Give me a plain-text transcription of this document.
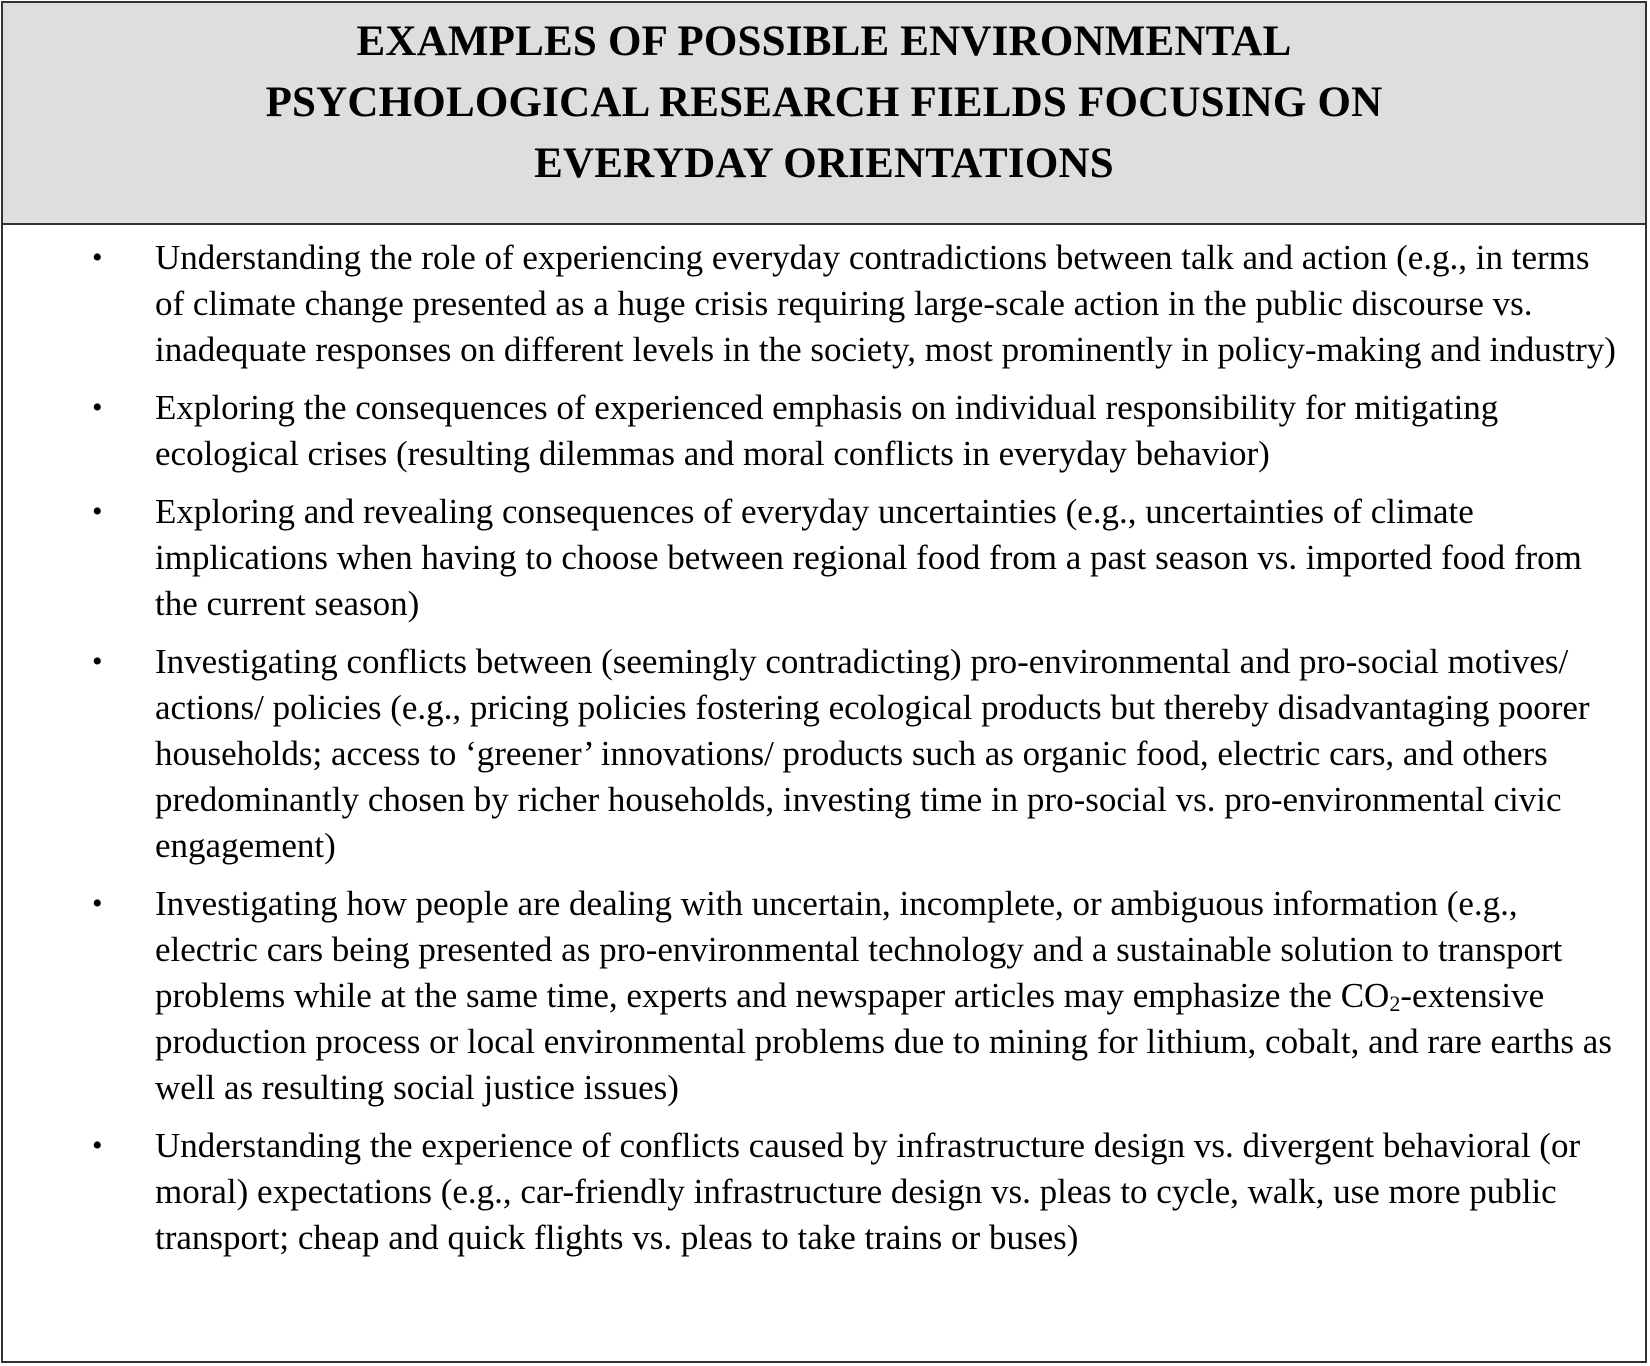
EXAMPLES OF POSSIBLE ENVIRONMENTAL

PSYCHOLOGICAL RESEARCH FIELDS FOCUSING ON

EVERYDAY ORIENTATIONS

• Understanding the role of experiencing everyday contradictions between talk and action (e.g., in terms of climate change presented as a huge crisis requiring large-scale action in the public discourse vs. inadequate responses on different levels in the society, most prominently in policy-making and industry)
• Exploring the consequences of experienced emphasis on individual responsibility for mitigating ecological crises (resulting dilemmas and moral conflicts in everyday behavior)
• Exploring and revealing consequences of everyday uncertainties (e.g., uncertainties of climate implications when having to choose between regional food from a past season vs. imported food from the current season)
• Investigating conflicts between (seemingly contradicting) pro-environmental and pro-social motives/ actions/ policies (e.g., pricing policies fostering ecological products but thereby disadvantaging poorer households; access to ‘greener’ innovations/ products such as organic food, electric cars, and others predominantly chosen by richer households, investing time in pro-social vs. pro-environmental civic engagement)
• Investigating how people are dealing with uncertain, incomplete, or ambiguous information (e.g., electric cars being presented as pro-environmental technology and a sustainable solution to transport problems while at the same time, experts and newspaper articles may emphasize the $CO_2$-extensive production process or local environmental problems due to mining for lithium, cobalt, and rare earths as well as resulting social justice issues)
• Understanding the experience of conflicts caused by infrastructure design vs. divergent behavioral (or moral) expectations (e.g., car-friendly infrastructure design vs. pleas to cycle, walk, use more public transport; cheap and quick flights vs. pleas to take trains or buses)
